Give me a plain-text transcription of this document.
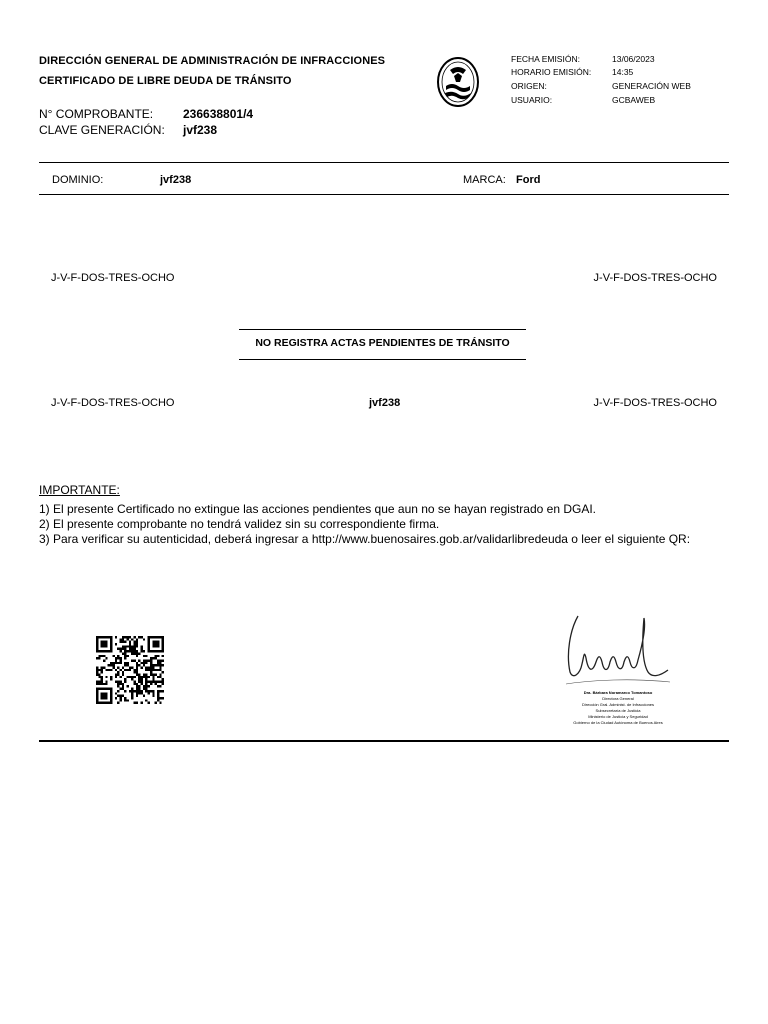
DIRECCIÓN GENERAL DE ADMINISTRACIÓN DE INFRACCIONES
CERTIFICADO DE LIBRE DEUDA DE TRÁNSITO
N° COMPROBANTE: 236638801/4
CLAVE GENERACIÓN: jvf238
FECHA EMISIÓN:	13/06/2023
HORARIO EMISIÓN: 14:35
ORIGEN:	GENERACIÓN WEB
USUARIO:	GCBAWEB
DOMINIO:	jvf238	MARCA: Ford
J-V-F-DOS-TRES-OCHO	J-V-F-DOS-TRES-OCHO
NO REGISTRA ACTAS PENDIENTES DE TRÁNSITO
J-V-F-DOS-TRES-OCHO	jvf238	J-V-F-DOS-TRES-OCHO
IMPORTANTE:
1) El presente Certificado no extingue las acciones pendientes que aun no se hayan registrado en DGAI.
2) El presente comprobante no tendrá validez sin su correspondiente firma.
3) Para verificar su autenticidad, deberá ingresar a http://www.buenosaires.gob.ar/validarlibredeuda o leer el siguiente QR:
Dra. Bárbara Noramarco Tomantoso
Directora General
Dirección Gral. Administ. de Infracciones
Subsecretaría de Justicia
Ministerio de Justicia y Seguridad
Gobierno de la Ciudad Autónoma de Buenos Aires
